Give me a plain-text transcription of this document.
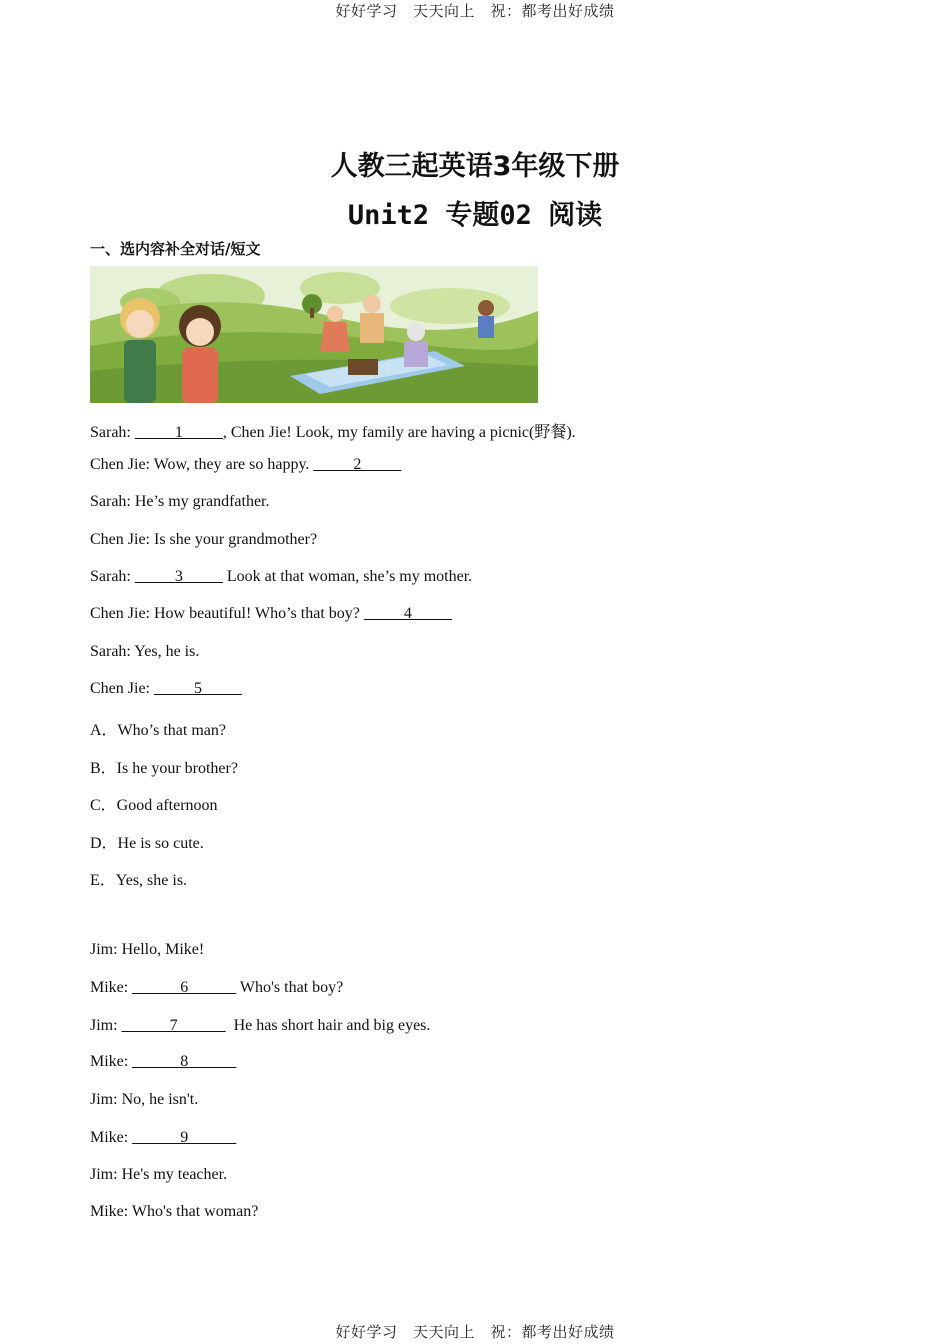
好好学习　天天向上　祝：都考出好成绩
人教三起英语3年级下册
Unit2 专题02 阅读
一、选内容补全对话/短文
Sarah: _____1_____, Chen Jie! Look, my family are having a picnic(野餐).
Chen Jie: Wow, they are so happy. _____2_____
Sarah: He’s my grandfather.
Chen Jie: Is she your grandmother?
Sarah: _____3_____ Look at that woman, she’s my mother.
Chen Jie: How beautiful! Who’s that boy? _____4_____
Sarah: Yes, he is.
Chen Jie: _____5_____
A．Who’s that man?
B．Is he your brother?
C．Good afternoon
D．He is so cute.
E．Yes, she is.
Jim: Hello, Mike!
Mike: ______6______ Who's that boy?
Jim: ______7______  He has short hair and big eyes.
Mike: ______8______
Jim: No, he isn't.
Mike: ______9______
Jim: He's my teacher.
Mike: Who's that woman?
好好学习　天天向上　祝：都考出好成绩
